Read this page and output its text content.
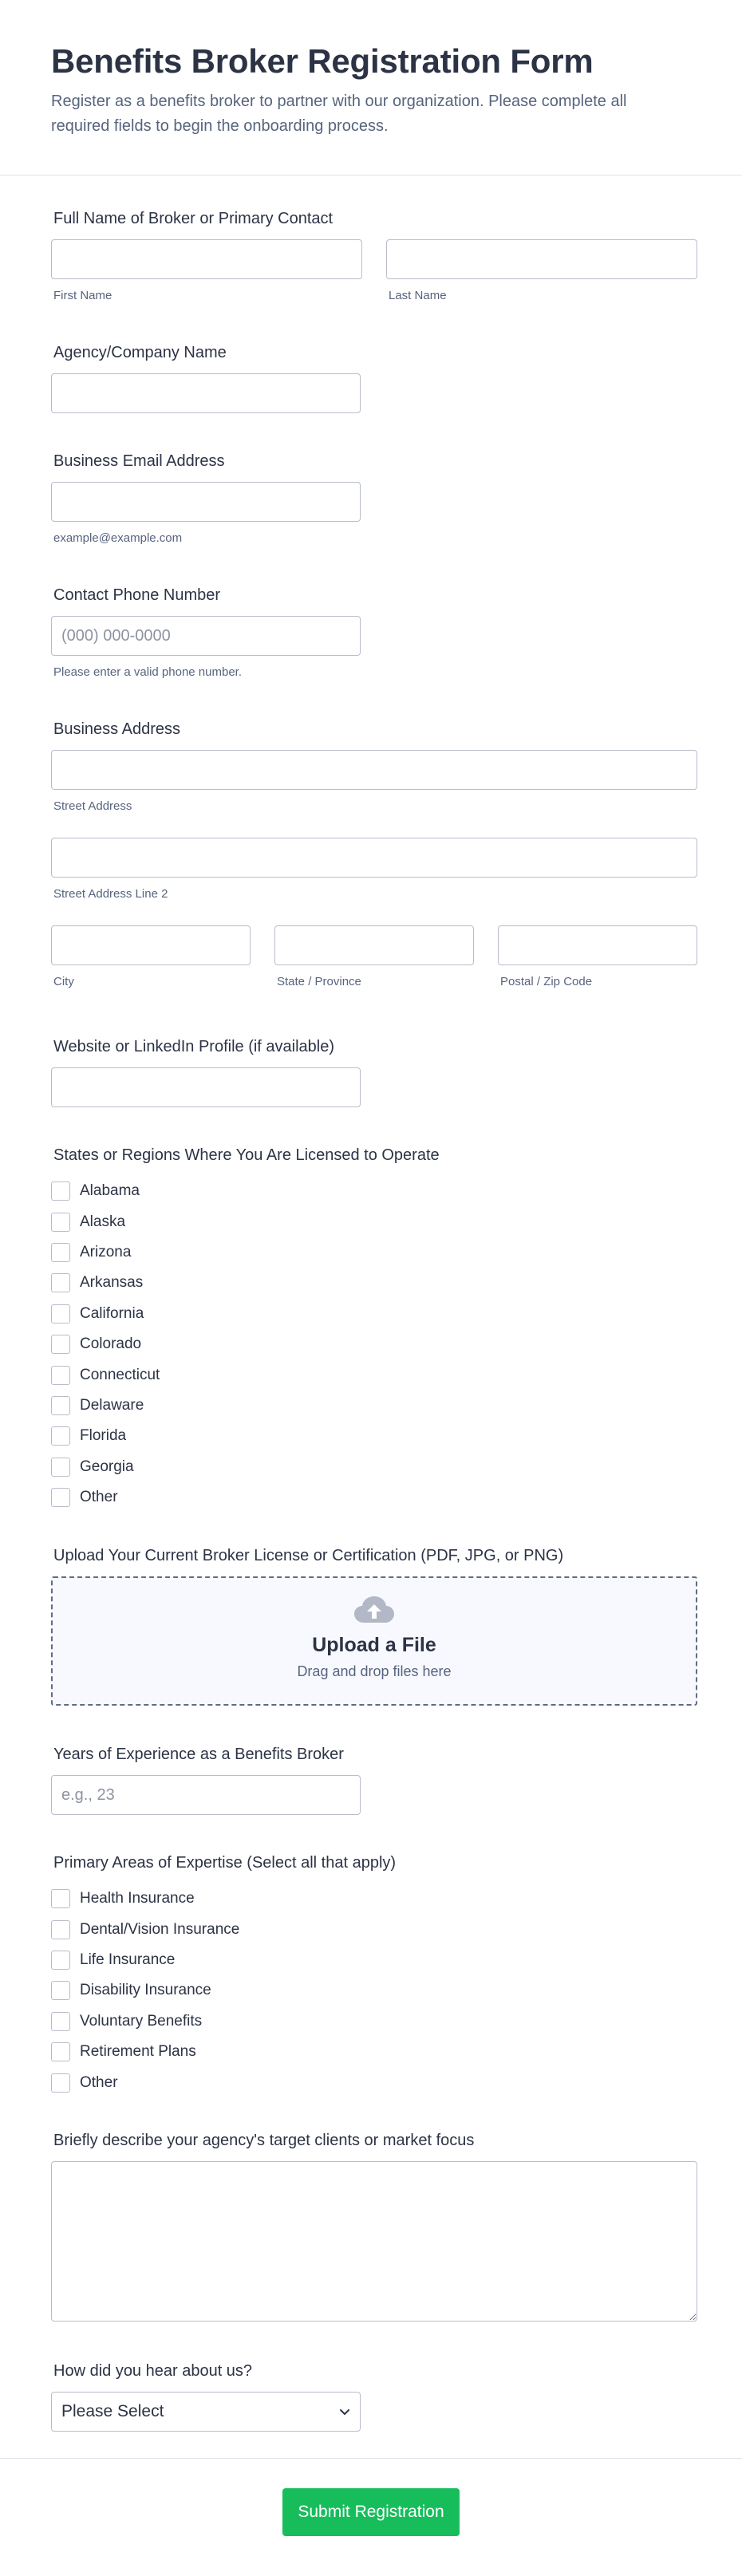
Benefits Broker Registration Form

Register as a benefits broker to partner with our organization. Please complete all required fields to begin the onboarding process.

Full Name of Broker or Primary Contact
First Name	Last Name
Agency/Company Name
Business Email Address
example@example.com
Contact Phone Number
(000) 000-0000
Please enter a valid phone number.
Business Address
Street Address
Street Address Line 2
City	State / Province	Postal / Zip Code
Website or LinkedIn Profile (if available)
States or Regions Where You Are Licensed to Operate
Alabama
Alaska
Arizona
Arkansas
California
Colorado
Connecticut
Delaware
Florida
Georgia
Other
Upload Your Current Broker License or Certification (PDF, JPG, or PNG)
Upload a File
Drag and drop files here
Years of Experience as a Benefits Broker
e.g., 23
Primary Areas of Expertise (Select all that apply)
Health Insurance
Dental/Vision Insurance
Life Insurance
Disability Insurance
Voluntary Benefits
Retirement Plans
Other
Briefly describe your agency's target clients or market focus
How did you hear about us?
Please Select
Submit Registration
